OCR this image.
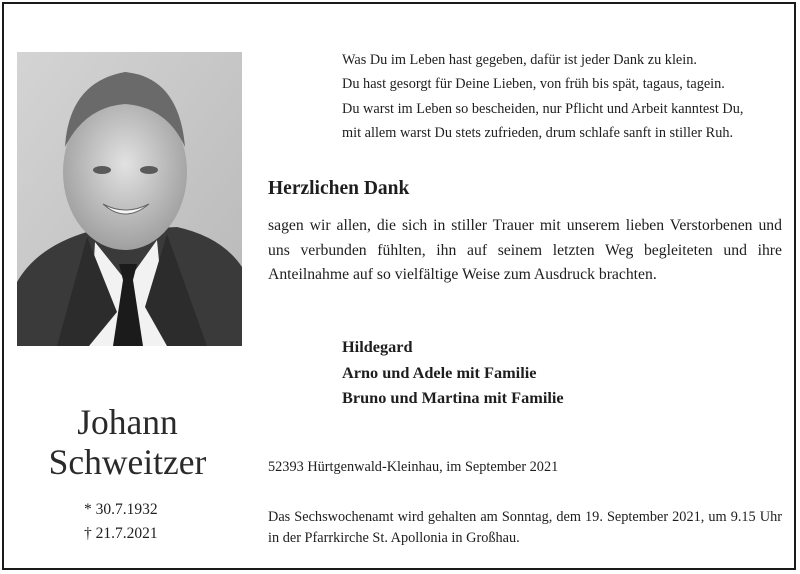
Was Du im Leben hast gegeben, dafür ist jeder Dank zu klein.
Du hast gesorgt für Deine Lieben, von früh bis spät, tagaus, tagein.
Du warst im Leben so bescheiden, nur Pflicht und Arbeit kanntest Du,
mit allem warst Du stets zufrieden, drum schlafe sanft in stiller Ruh.
Herzlichen Dank
sagen wir allen, die sich in stiller Trauer mit unserem lieben Verstorbenen und uns verbunden fühlten, ihn auf seinem letzten Weg begleiteten und ihre Anteilnahme auf so vielfältige Weise zum Ausdruck brachten.
Hildegard
Arno und Adele mit Familie
Bruno und Martina mit Familie
Johann
Schweitzer
* 30.7.1932
† 21.7.2021
52393 Hürtgenwald-Kleinhau, im September 2021
Das Sechswochenamt wird gehalten am Sonntag, dem 19. September 2021, um 9.15 Uhr in der Pfarrkirche St. Apollonia in Großhau.
